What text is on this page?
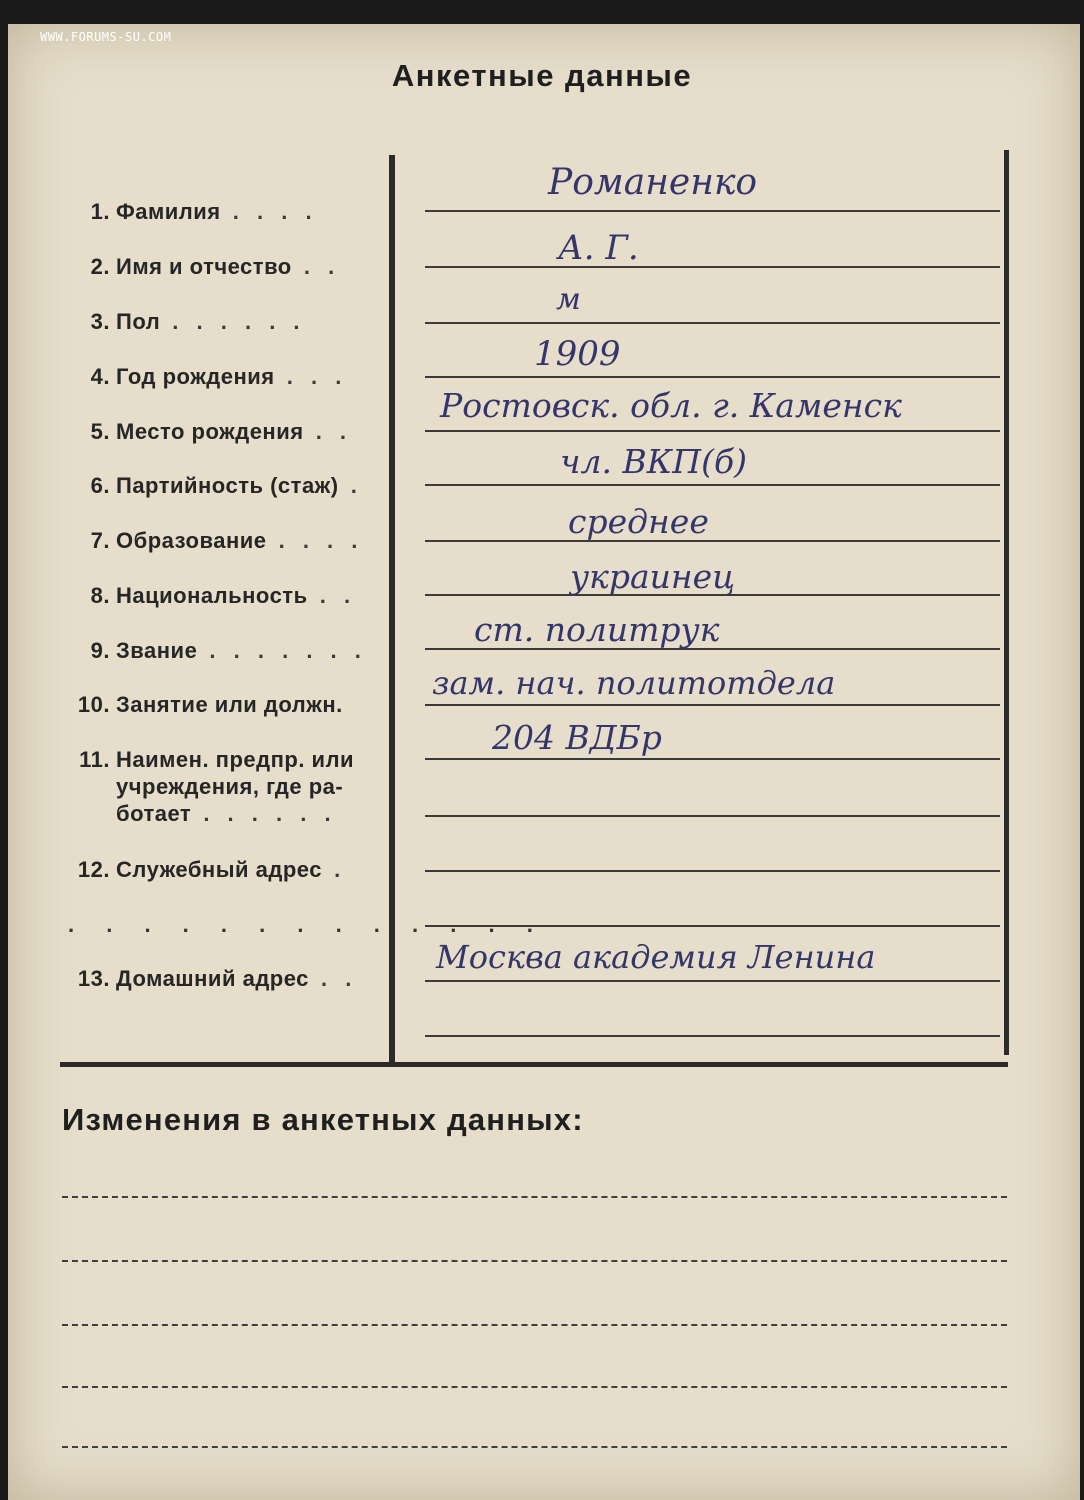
WWW.FORUMS-SU.COM
Анкетные данные
1. Фамилия . . . .
2. Имя и отчество . .
3. Пол . . . . . .
4. Год рождения . . .
5. Место рождения . .
6. Партийность (стаж) .
7. Образование . . . .
8. Национальность . .
9. Звание . . . . . . .
10. Занятие или должн.
11. Наимен. предпр. или учреждения, где ра-ботает . . . . . .
12. Служебный адрес .
. . . . . . . . . . . . .
13. Домашний адрес . .
Романенко
А. Г.
м
1909
Ростовск. обл. г. Каменск
чл. ВКП(б)
среднее
украинец
ст. политрук
зам. нач. политотдела
204 ВДБр
Москва академия Ленина
Изменения в анкетных данных:
